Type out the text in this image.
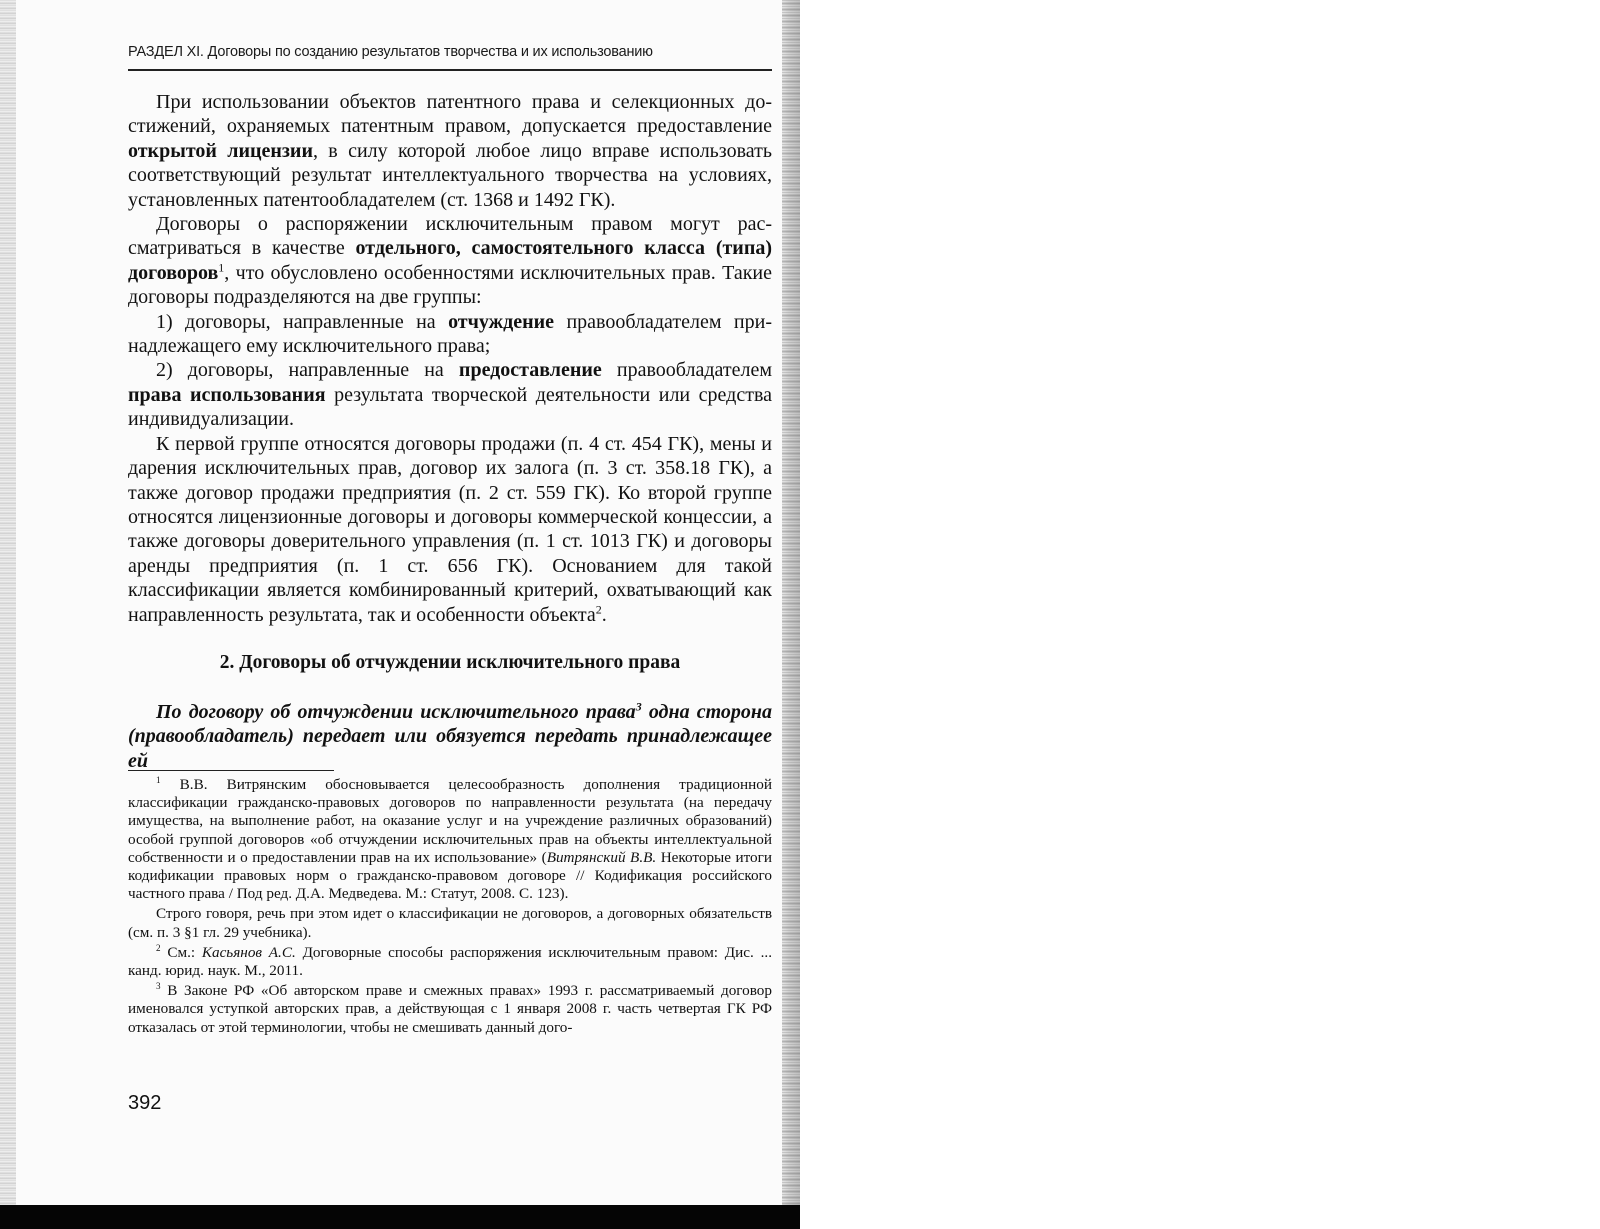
РАЗДЕЛ XI. Договоры по созданию результатов творчества и их использованию

При использовании объектов патентного права и селекционных достижений, охраняемых патентным правом, допускается предоставление открытой лицензии, в силу которой любое лицо вправе использовать соответствующий результат интеллектуального творчества на условиях, установленных патентообладателем (ст. 1368 и 1492 ГК).

Договоры о распоряжении исключительным правом могут рассматриваться в качестве отдельного, самостоятельного класса (типа) договоров$^1$, что обусловлено особенностями исключительных прав. Такие договоры подразделяются на две группы:

1) договоры, направленные на отчуждение правообладателем принадлежащего ему исключительного права;

2) договоры, направленные на предоставление правообладателем права использования результата творческой деятельности или средства индивидуализации.

К первой группе относятся договоры продажи (п. 4 ст. 454 ГК), мены и дарения исключительных прав, договор их залога (п. 3 ст. 358.18 ГК), а также договор продажи предприятия (п. 2 ст. 559 ГК). Ко второй группе относятся лицензионные договоры и договоры коммерческой концессии, а также договоры доверительного управления (п. 1 ст. 1013 ГК) и договоры аренды предприятия (п. 1 ст. 656 ГК). Основанием для такой классификации является комбинированный критерий, охватывающий как направленность результата, так и особенности объекта$^2$.

2. Договоры об отчуждении исключительного права

По договору об отчуждении исключительного права$^3$ одна сторона (правообладатель) передает или обязуется передать принадлежащее ей

$^1$ В.В. Витрянским обосновывается целесообразность дополнения традиционной классификации гражданско-правовых договоров по направленности результата (на передачу имущества, на выполнение работ, на оказание услуг и на учреждение различных образований) особой группой договоров «об отчуждении исключительных прав на объекты интеллектуальной собственности и о предоставлении прав на их использование» (Витрянский В.В. Некоторые итоги кодификации правовых норм о гражданско-правовом договоре // Кодификация российского частного права / Под ред. Д.А. Медведева. М.: Статут, 2008. С. 123).

Строго говоря, речь при этом идет о классификации не договоров, а договорных обязательств (см. п. 3 §1 гл. 29 учебника).

$^2$ См.: Касьянов А.С. Договорные способы распоряжения исключительным правом: Дис. ... канд. юрид. наук. М., 2011.

$^3$ В Законе РФ «Об авторском праве и смежных правах» 1993 г. рассматриваемый договор именовался уступкой авторских прав, а действующая с 1 января 2008 г. часть четвертая ГК РФ отказалась от этой терминологии, чтобы не смешивать данный дого-

392
